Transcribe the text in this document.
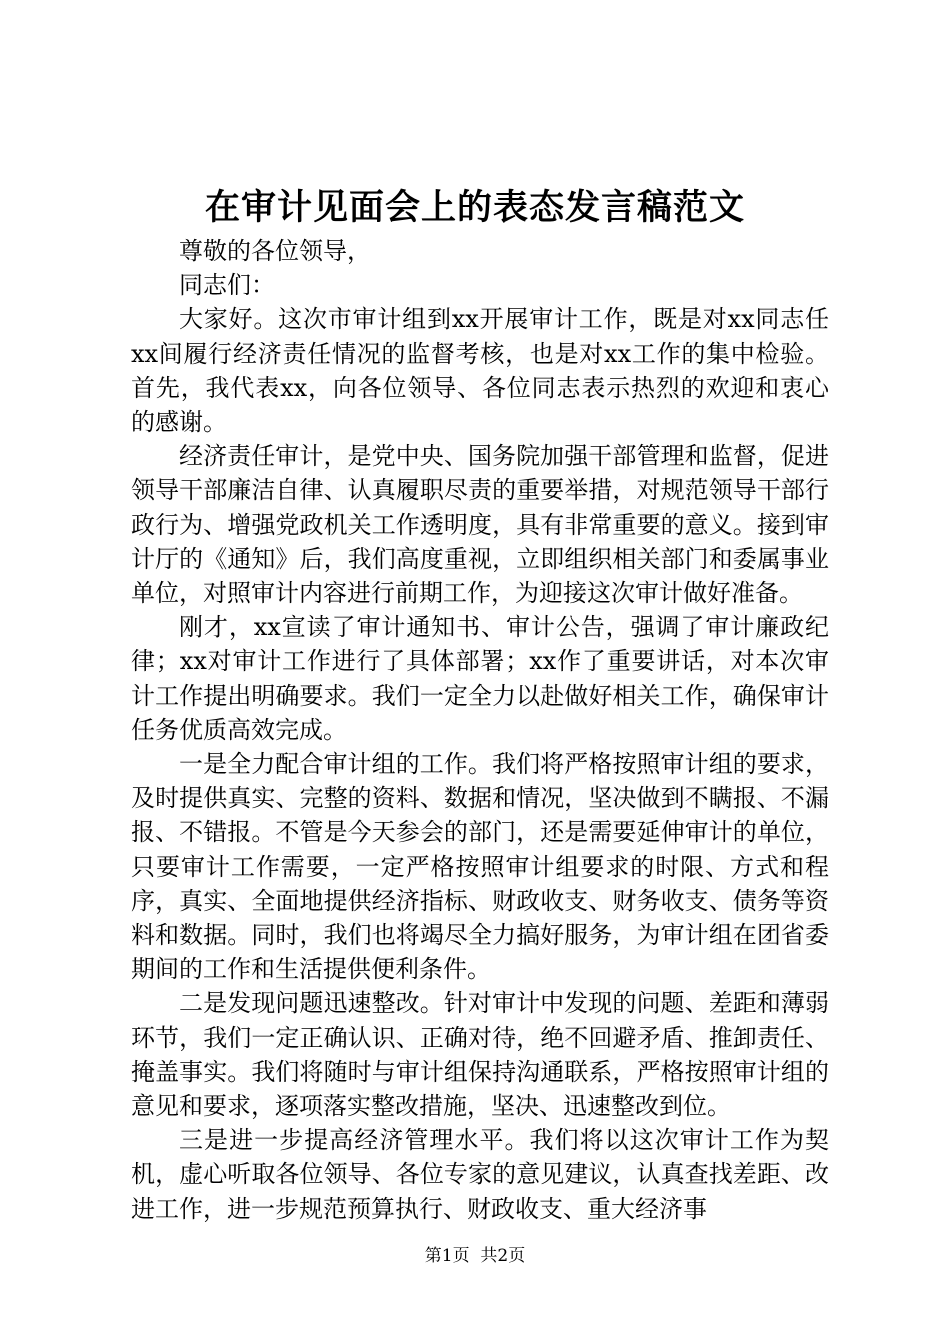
在审计见面会上的表态发言稿范文

尊敬的各位领导，

同志们：

大家好。这次市审计组到xx开展审计工作，既是对xx同志任xx间履行经济责任情况的监督考核，也是对xx工作的集中检验。首先，我代表xx，向各位领导、各位同志表示热烈的欢迎和衷心的感谢。

经济责任审计，是党中央、国务院加强干部管理和监督，促进领导干部廉洁自律、认真履职尽责的重要举措，对规范领导干部行政行为、增强党政机关工作透明度，具有非常重要的意义。接到审计厅的《通知》后，我们高度重视，立即组织相关部门和委属事业单位，对照审计内容进行前期工作，为迎接这次审计做好准备。

刚才，xx宣读了审计通知书、审计公告，强调了审计廉政纪律；xx对审计工作进行了具体部署；xx作了重要讲话，对本次审计工作提出明确要求。我们一定全力以赴做好相关工作，确保审计任务优质高效完成。

一是全力配合审计组的工作。我们将严格按照审计组的要求，及时提供真实、完整的资料、数据和情况，坚决做到不瞒报、不漏报、不错报。不管是今天参会的部门，还是需要延伸审计的单位，只要审计工作需要，一定严格按照审计组要求的时限、方式和程序，真实、全面地提供经济指标、财政收支、财务收支、债务等资料和数据。同时，我们也将竭尽全力搞好服务，为审计组在团省委期间的工作和生活提供便利条件。

二是发现问题迅速整改。针对审计中发现的问题、差距和薄弱环节，我们一定正确认识、正确对待，绝不回避矛盾、推卸责任、掩盖事实。我们将随时与审计组保持沟通联系，严格按照审计组的意见和要求，逐项落实整改措施，坚决、迅速整改到位。

三是进一步提高经济管理水平。我们将以这次审计工作为契机，虚心听取各位领导、各位专家的意见建议，认真查找差距、改进工作，进一步规范预算执行、财政收支、重大经济事

第1页 共2页
